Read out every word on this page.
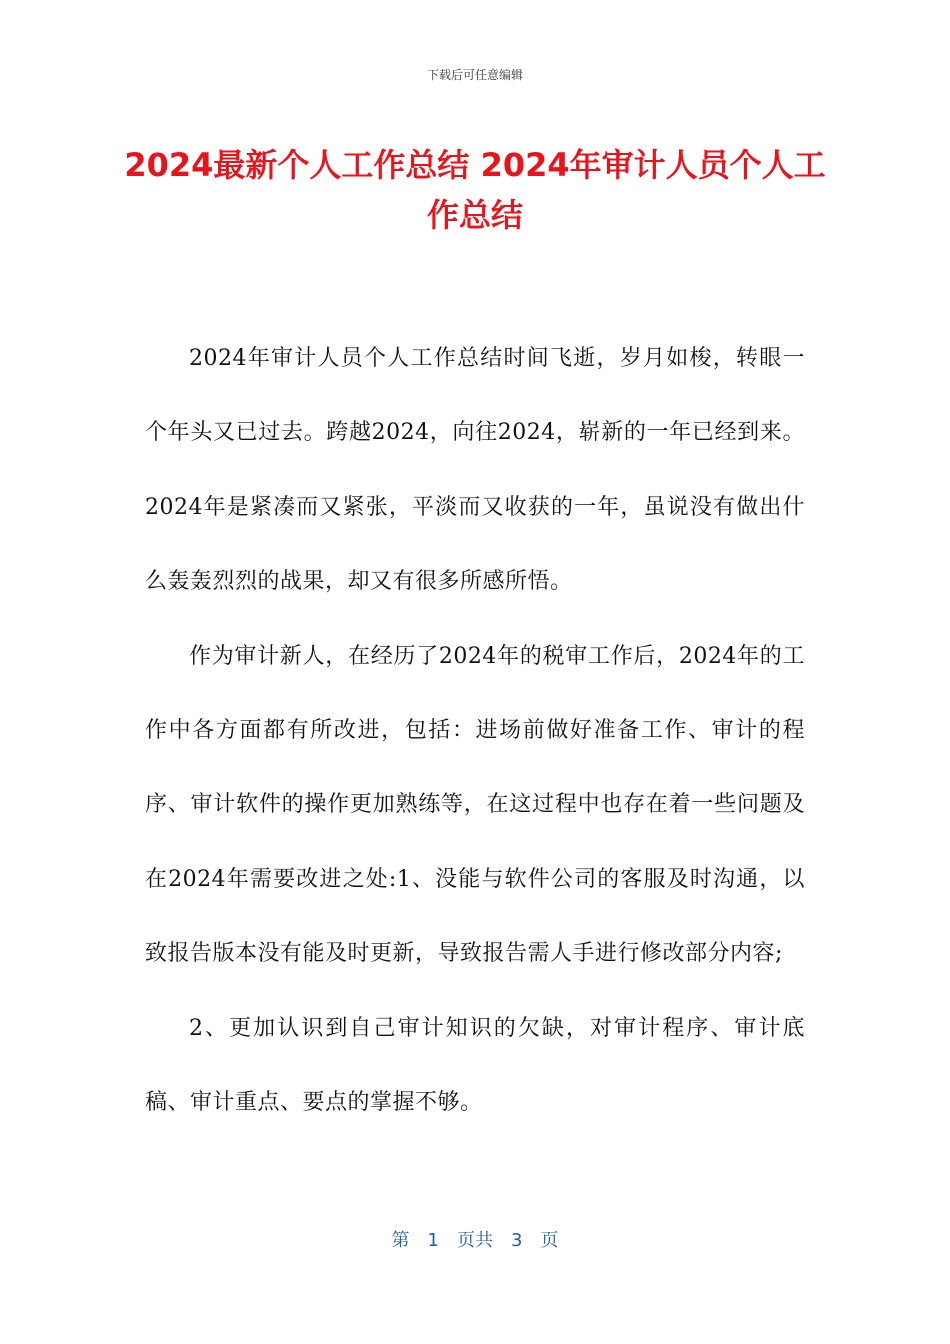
下载后可任意编辑
2024最新个人工作总结 2024年审计人员个人工作总结

2024年审计人员个人工作总结时间飞逝，岁月如梭，转眼一个年头又已过去。跨越2024，向往2024，崭新的一年已经到来。2024年是紧凑而又紧张，平淡而又收获的一年，虽说没有做出什么轰轰烈烈的战果，却又有很多所感所悟。

作为审计新人，在经历了2024年的税审工作后，2024年的工作中各方面都有所改进，包括：进场前做好准备工作、审计的程序、审计软件的操作更加熟练等，在这过程中也存在着一些问题及在2024年需要改进之处:1、没能与软件公司的客服及时沟通，以致报告版本没有能及时更新，导致报告需人手进行修改部分内容;

2、更加认识到自己审计知识的欠缺，对审计程序、审计底稿、审计重点、要点的掌握不够。

第 1 页共 3 页
